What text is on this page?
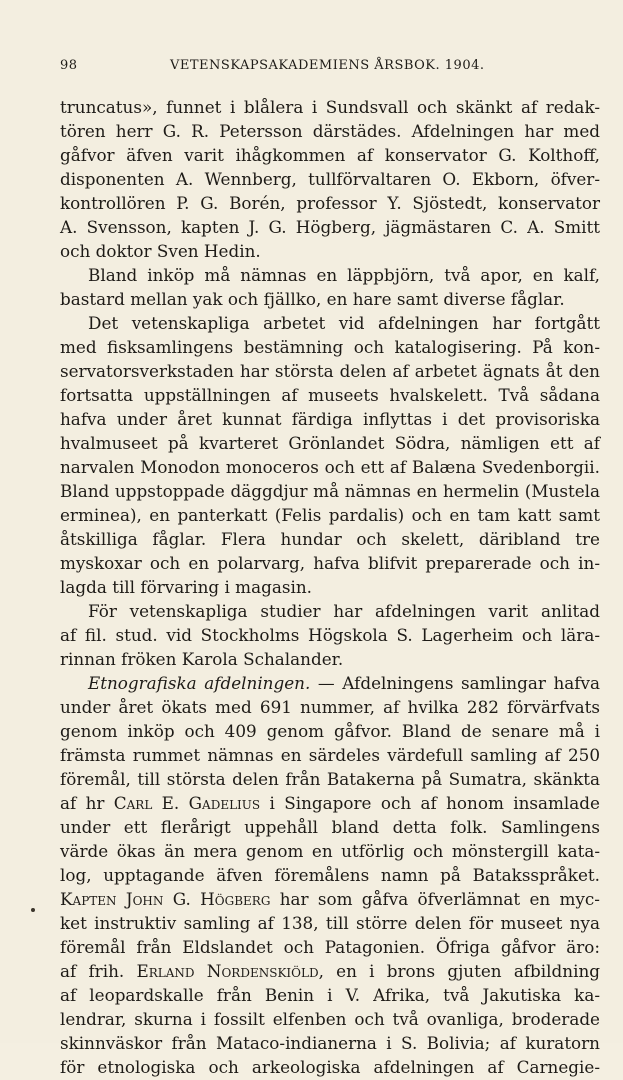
98	VETENSKAPSAKADEMIENS ÅRSBOK. 1904.
truncatus», funnet i blålera i Sundsvall och skänkt af redak-
tören herr G. R. Petersson därstädes. Afdelningen har med
gåfvor äfven varit ihågkommen af konservator G. Kolthoff,
disponenten A. Wennberg, tullförvaltaren O. Ekborn, öfver-
kontrollören P. G. Borén, professor Y. Sjöstedt, konservator
A. Svensson, kapten J. G. Högberg, jägmästaren C. A. Smitt
och doktor Sven Hedin.
Bland inköp må nämnas en läppbjörn, två apor, en kalf,
bastard mellan yak och fjällko, en hare samt diverse fåglar.
Det vetenskapliga arbetet vid afdelningen har fortgått
med fisksamlingens bestämning och katalogisering. På kon-
servatorsverkstaden har största delen af arbetet ägnats åt den
fortsatta uppställningen af museets hvalskelett. Två sådana
hafva under året kunnat färdiga inflyttas i det provisoriska
hvalmuseet på kvarteret Grönlandet Södra, nämligen ett af
narvalen Monodon monoceros och ett af Balæna Svedenborgii.
Bland uppstoppade däggdjur må nämnas en hermelin (Mustela
erminea), en panterkatt (Felis pardalis) och en tam katt samt
åtskilliga fåglar. Flera hundar och skelett, däribland tre
myskoxar och en polarvarg, hafva blifvit preparerade och in-
lagda till förvaring i magasin.
För vetenskapliga studier har afdelningen varit anlitad
af fil. stud. vid Stockholms Högskola S. Lagerheim och lära-
rinnan fröken Karola Schalander.
Etnografiska afdelningen. — Afdelningens samlingar hafva
under året ökats med 691 nummer, af hvilka 282 förvärfvats
genom inköp och 409 genom gåfvor. Bland de senare må i
främsta rummet nämnas en särdeles värdefull samling af 250
föremål, till största delen från Batakerna på Sumatra, skänkta
af hr Carl E. Gadelius i Singapore och af honom insamlade
under ett flerårigt uppehåll bland detta folk. Samlingens
värde ökas än mera genom en utförlig och mönstergill kata-
log, upptagande äfven föremålens namn på Bataksspråket.
Kapten John G. Högberg har som gåfva öfverlämnat en myc-
ket instruktiv samling af 138, till större delen för museet nya
föremål från Eldslandet och Patagonien. Öfriga gåfvor äro:
af frih. Erland Nordenskiöld, en i brons gjuten afbildning
af leopardskalle från Benin i V. Afrika, två Jakutiska ka-
lendrar, skurna i fossilt elfenben och två ovanliga, broderade
skinnväskor från Mataco-indianerna i S. Bolivia; af kuratorn
för etnologiska och arkeologiska afdelningen af Carnegie-
